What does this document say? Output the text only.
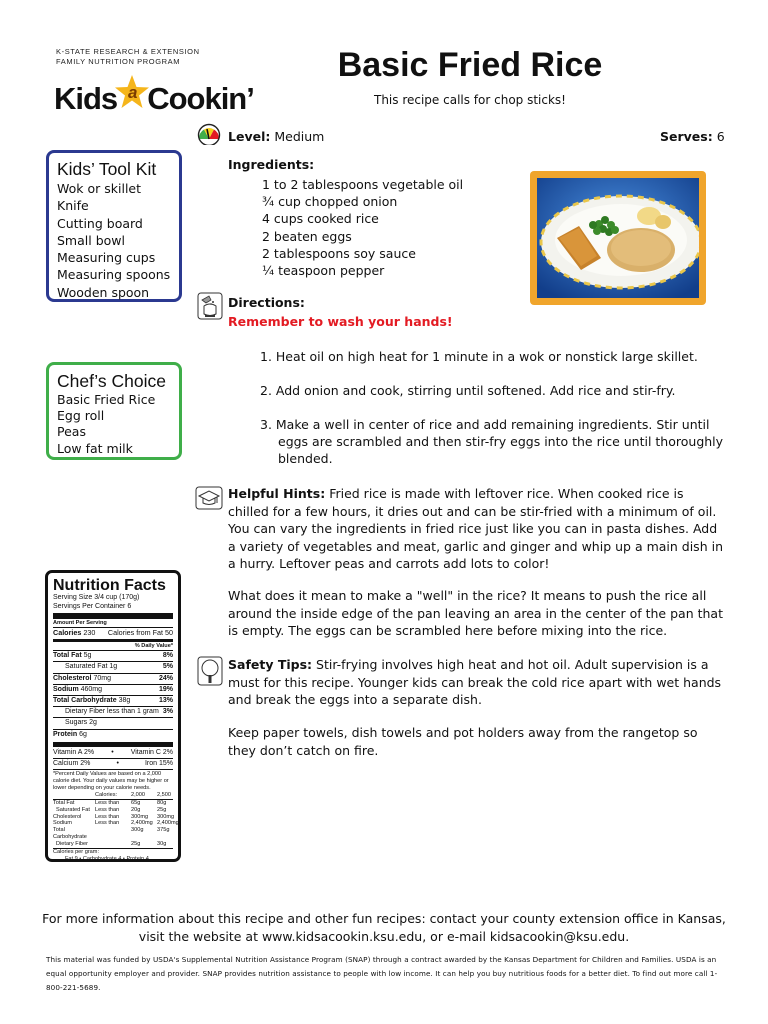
K-STATE RESEARCH & EXTENSION
FAMILY NUTRITION PROGRAM
Kids a Cookin’
Basic Fried Rice
This recipe calls for chop sticks!
Level: Medium	Serves: 6
Kids’ Tool Kit
Wok or skillet
Knife
Cutting board
Small bowl
Measuring cups
Measuring spoons
Wooden spoon
Ingredients:
1 to 2 tablespoons vegetable oil
¾ cup chopped onion
4 cups cooked rice
2 beaten eggs
2 tablespoons soy sauce
¼ teaspoon pepper
Chef’s Choice
Basic Fried Rice
Egg roll
Peas
Low fat milk
Directions:
Remember to wash your hands!
1. Heat oil on high heat for 1 minute in a wok or nonstick large skillet.
2. Add onion and cook, stirring until softened. Add rice and stir-fry.
3. Make a well in center of rice and add remaining ingredients. Stir until eggs are scrambled and then stir-fry eggs into the rice until thoroughly blended.
Helpful Hints: Fried rice is made with leftover rice. When cooked rice is chilled for a few hours, it dries out and can be stir-fried with a minimum of oil. You can vary the ingredients in fried rice just like you can in pasta dishes. Add a variety of vegetables and meat, garlic and ginger and whip up a main dish in a hurry. Leftover peas and carrots add lots to color!
What does it mean to make a "well" in the rice? It means to push the rice all around the inside edge of the pan leaving an area in the center of the pan that is empty. The eggs can be scrambled here before mixing into the rice.
Safety Tips: Stir-frying involves high heat and hot oil. Adult supervision is a must for this recipe. Younger kids can break the cold rice apart with wet hands and break the eggs into a separate dish.
Keep paper towels, dish towels and pot holders away from the rangetop so they don’t catch on fire.
Nutrition Facts
Serving Size 3/4 cup (170g)
Servings Per Container 6
Amount Per Serving
Calories 230 Calories from Fat 50
% Daily Value*
Total Fat 5g	8%
Saturated Fat 1g	5%
Cholesterol 70mg	24%
Sodium 460mg	19%
Total Carbohydrate 38g	13%
Dietary Fiber less than 1 gram 3%
Sugars 2g
Protein 6g
Vitamin A 2% • Vitamin C 2%
Calcium 2%	•	Iron 15%
*Percent Daily Values are based on a 2,000 calorie diet. Your daily values may be higher or lower depending on your calorie needs.
Calories:	2,000	2,500
Total Fat	Less than	65g	80g
Saturated Fat Less than	20g	25g
Cholesterol	Less than	300mg	300mg
Sodium	Less than	2,400mg 2,400mg
Total Carbohydrate
300g	375g
Dietary Fiber	25g	30g
Calories per gram:
Fat 9 • Carbohydrate 4 • Protein 4
For more information about this recipe and other fun recipes: contact your county extension office in Kansas,
visit the website at www.kidsacookin.ksu.edu, or e-mail kidsacookin@ksu.edu.
This material was funded by USDA's Supplemental Nutrition Assistance Program (SNAP) through a contract awarded by the Kansas Department for Children and Families. USDA is an equal opportunity employer and provider. SNAP provides nutrition assistance to people with low income. It can help you buy nutritious foods for a better diet. To find out more call 1-800-221-5689.
